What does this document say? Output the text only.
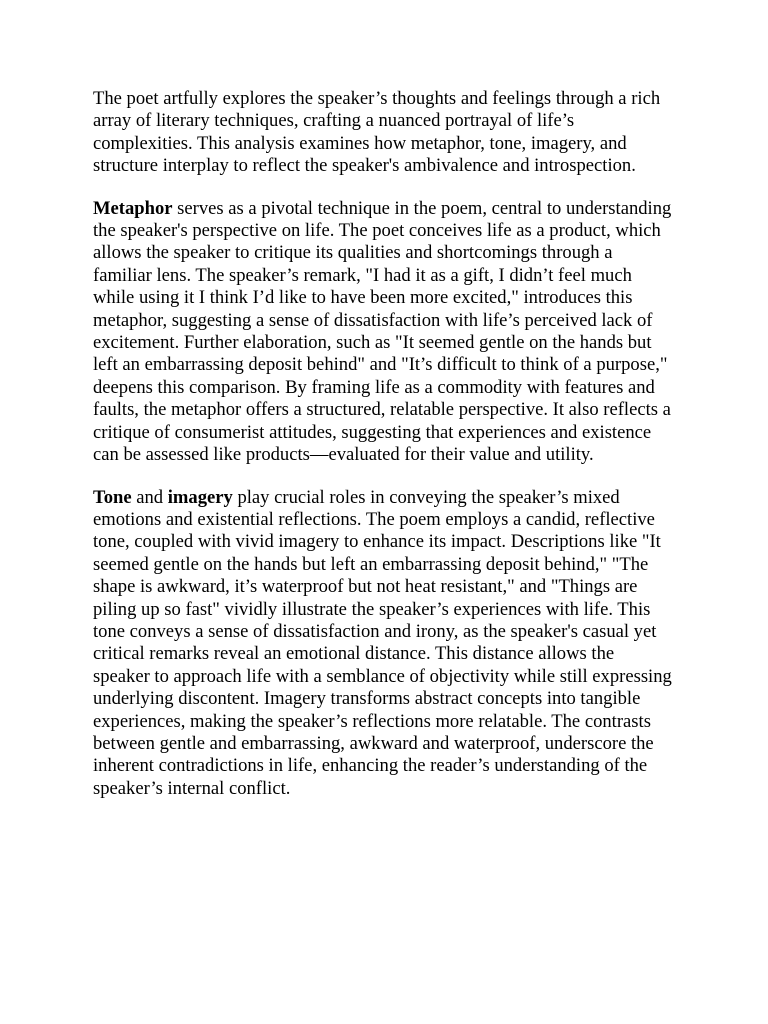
The poet artfully explores the speaker’s thoughts and feelings through a rich array of literary techniques, crafting a nuanced portrayal of life’s complexities. This analysis examines how metaphor, tone, imagery, and structure interplay to reflect the speaker's ambivalence and introspection.

Metaphor serves as a pivotal technique in the poem, central to understanding the speaker's perspective on life. The poet conceives life as a product, which allows the speaker to critique its qualities and shortcomings through a familiar lens. The speaker’s remark, "I had it as a gift, I didn’t feel much while using it I think I’d like to have been more excited," introduces this metaphor, suggesting a sense of dissatisfaction with life’s perceived lack of excitement. Further elaboration, such as "It seemed gentle on the hands but left an embarrassing deposit behind" and "It’s difficult to think of a purpose," deepens this comparison. By framing life as a commodity with features and faults, the metaphor offers a structured, relatable perspective. It also reflects a critique of consumerist attitudes, suggesting that experiences and existence can be assessed like products—evaluated for their value and utility.

Tone and imagery play crucial roles in conveying the speaker’s mixed emotions and existential reflections. The poem employs a candid, reflective tone, coupled with vivid imagery to enhance its impact. Descriptions like "It seemed gentle on the hands but left an embarrassing deposit behind," "The shape is awkward, it’s waterproof but not heat resistant," and "Things are piling up so fast" vividly illustrate the speaker’s experiences with life. This tone conveys a sense of dissatisfaction and irony, as the speaker's casual yet critical remarks reveal an emotional distance. This distance allows the speaker to approach life with a semblance of objectivity while still expressing underlying discontent. Imagery transforms abstract concepts into tangible experiences, making the speaker’s reflections more relatable. The contrasts between gentle and embarrassing, awkward and waterproof, underscore the inherent contradictions in life, enhancing the reader’s understanding of the speaker’s internal conflict.
